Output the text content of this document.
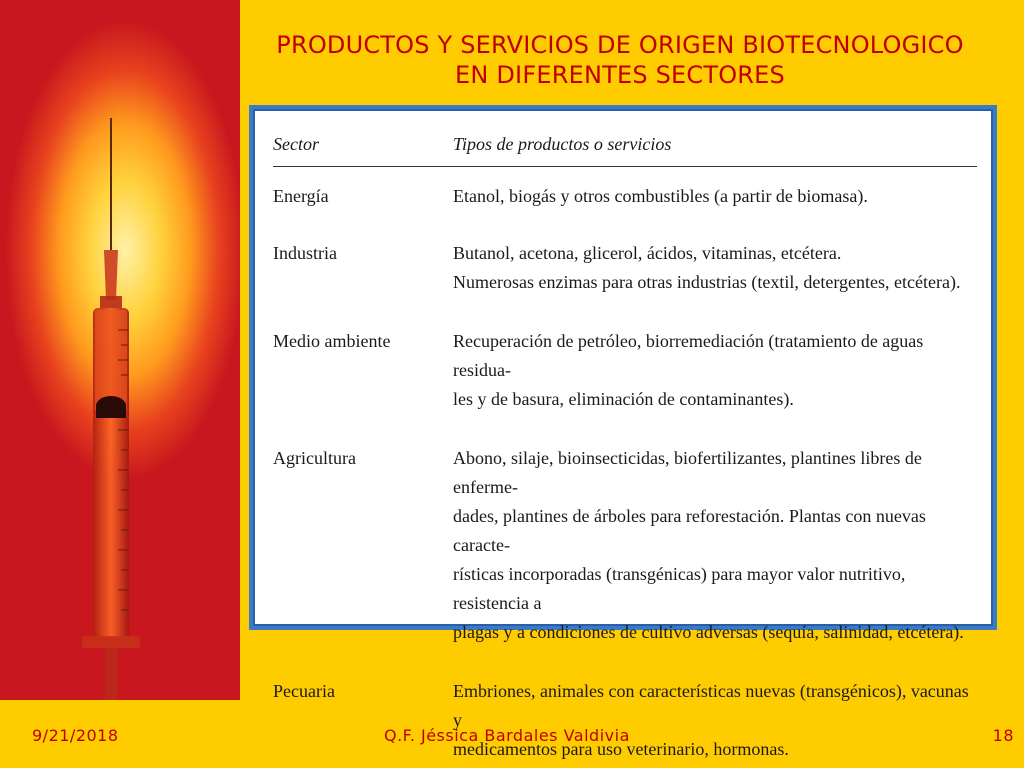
PRODUCTOS Y SERVICIOS DE ORIGEN BIOTECNOLOGICO
EN DIFERENTES SECTORES
Sector	Tipos de productos o servicios
Energía	Etanol, biogás y otros combustibles (a partir de biomasa).
Industria	Butanol, acetona, glicerol, ácidos, vitaminas, etcétera.
Numerosas enzimas para otras industrias (textil, detergentes, etcétera).
Medio ambiente	Recuperación de petróleo, biorremediación (tratamiento de aguas residua-
les y de basura, eliminación de contaminantes).
Agricultura	Abono, silaje, bioinsecticidas, biofertilizantes, plantines libres de enferme-
dades, plantines de árboles para reforestación. Plantas con nuevas caracte-
rísticas incorporadas (transgénicas) para mayor valor nutritivo, resistencia a
plagas y a condiciones de cultivo adversas (sequía, salinidad, etcétera).
Pecuaria	Embriones, animales con características nuevas (transgénicos), vacunas y
medicamentos para uso veterinario, hormonas.
9/21/2018	Q.F. Jéssica Bardales Valdivia	18
